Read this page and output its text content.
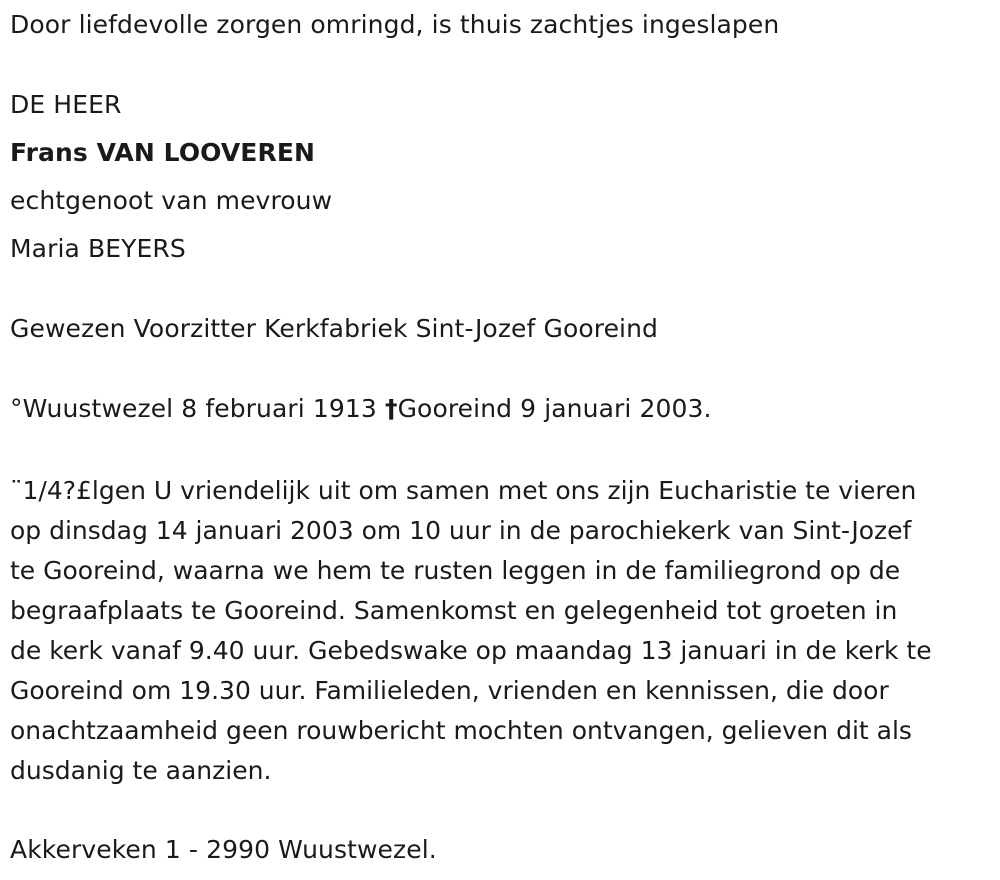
Door liefdevolle zorgen omringd, is thuis zachtjes ingeslapen
DE HEER
Frans VAN LOOVEREN
echtgenoot van mevrouw
Maria BEYERS
Gewezen Voorzitter Kerkfabriek Sint-Jozef Gooreind
°Wuustwezel 8 februari 1913 †Gooreind 9 januari 2003.
¨1/4?£lgen U vriendelijk uit om samen met ons zijn Eucharistie te vieren
op dinsdag 14 januari 2003 om 10 uur in de parochiekerk van Sint-Jozef
te Gooreind, waarna we hem te rusten leggen in de familiegrond op de
begraafplaats te Gooreind. Samenkomst en gelegenheid tot groeten in
de kerk vanaf 9.40 uur. Gebedswake op maandag 13 januari in de kerk te
Gooreind om 19.30 uur. Familieleden, vrienden en kennissen, die door
onachtzaamheid geen rouwbericht mochten ontvangen, gelieven dit als
dusdanig te aanzien.
Akkerveken 1 - 2990 Wuustwezel.
